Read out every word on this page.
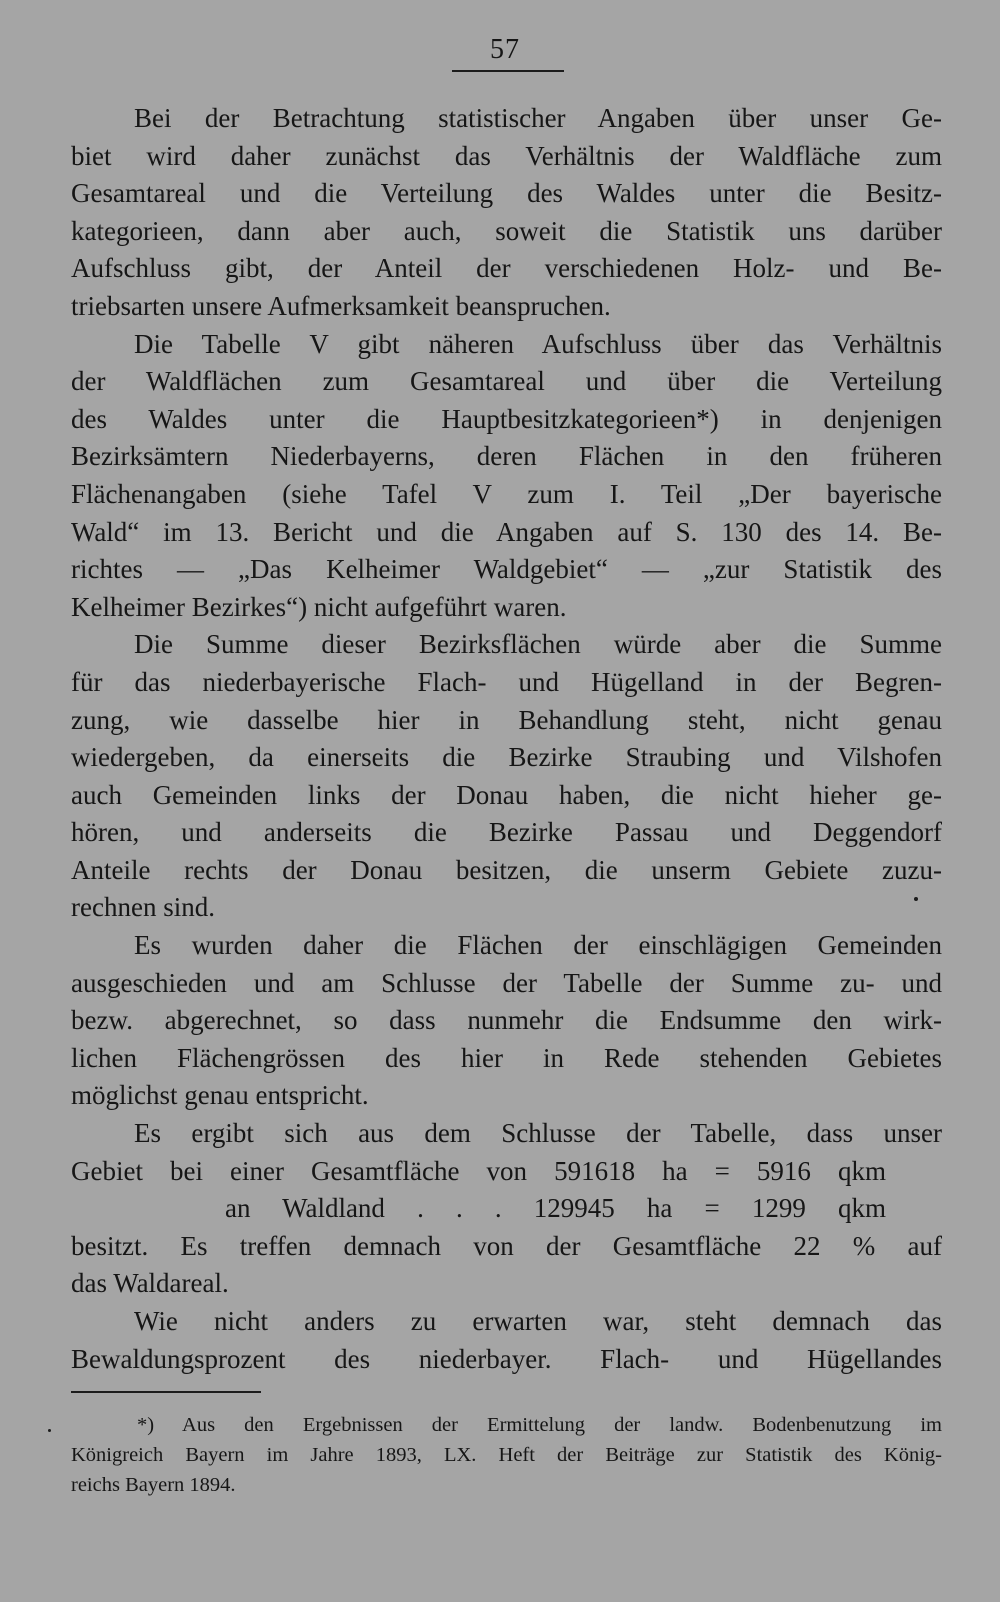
57

Bei der Betrachtung statistischer Angaben über unser Ge-
biet wird daher zunächst das Verhältnis der Waldfläche zum
Gesamtareal und die Verteilung des Waldes unter die Besitz-
kategorieen, dann aber auch, soweit die Statistik uns darüber
Aufschluss gibt, der Anteil der verschiedenen Holz- und Be-
triebsarten unsere Aufmerksamkeit beanspruchen.

Die Tabelle V gibt näheren Aufschluss über das Verhältnis
der Waldflächen zum Gesamtareal und über die Verteilung
des Waldes unter die Hauptbesitzkategorieen*) in denjenigen
Bezirksämtern Niederbayerns, deren Flächen in den früheren
Flächenangaben (siehe Tafel V zum I. Teil „Der bayerische
Wald“ im 13. Bericht und die Angaben auf S. 130 des 14. Be-
richtes — „Das Kelheimer Waldgebiet“ — „zur Statistik des
Kelheimer Bezirkes“) nicht aufgeführt waren.

Die Summe dieser Bezirksflächen würde aber die Summe
für das niederbayerische Flach- und Hügelland in der Begren-
zung, wie dasselbe hier in Behandlung steht, nicht genau
wiedergeben, da einerseits die Bezirke Straubing und Vilshofen
auch Gemeinden links der Donau haben, die nicht hieher ge-
hören, und anderseits die Bezirke Passau und Deggendorf
Anteile rechts der Donau besitzen, die unserm Gebiete zuzu-
rechnen sind.

Es wurden daher die Flächen der einschlägigen Gemeinden
ausgeschieden und am Schlusse der Tabelle der Summe zu- und
bezw. abgerechnet, so dass nunmehr die Endsumme den wirk-
lichen Flächengrössen des hier in Rede stehenden Gebietes
möglichst genau entspricht.

Es ergibt sich aus dem Schlusse der Tabelle, dass unser
Gebiet bei einer Gesamtfläche von 591618 ha = 5916 qkm
an Waldland . . . 129945 ha = 1299 qkm
besitzt. Es treffen demnach von der Gesamtfläche 22 % auf
das Waldareal.

Wie nicht anders zu erwarten war, steht demnach das
Bewaldungsprozent des niederbayer. Flach- und Hügellandes

*) Aus den Ergebnissen der Ermittelung der landw. Bodenbenutzung im
Königreich Bayern im Jahre 1893, LX. Heft der Beiträge zur Statistik des König-
reichs Bayern 1894.
